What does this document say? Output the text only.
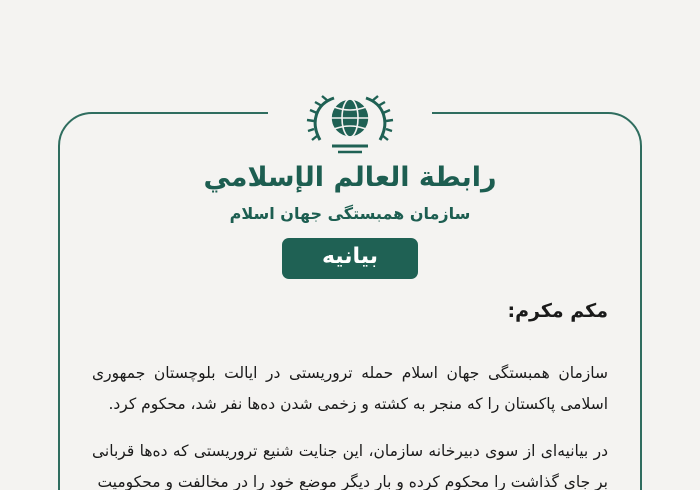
رابطة العالم الإسلامي
سازمان همبستگی جهان اسلام
بیانیه
مکم مکرم:
سازمان همبستگی جهان اسلام حمله تروریستی در ایالت بلوچستان جمهوری اسلامی پاکستان را که منجر به کشته و زخمی شدن ده‌ها نفر شد، محکوم کرد.
در بیانیه‌ای از سوی دبیرخانه سازمان، این جنایت شنیع تروریستی که ده‌ها قربانی بر جای گذاشت را محکوم کرده و بار دیگر موضع خود را در مخالفت و محکومیت
